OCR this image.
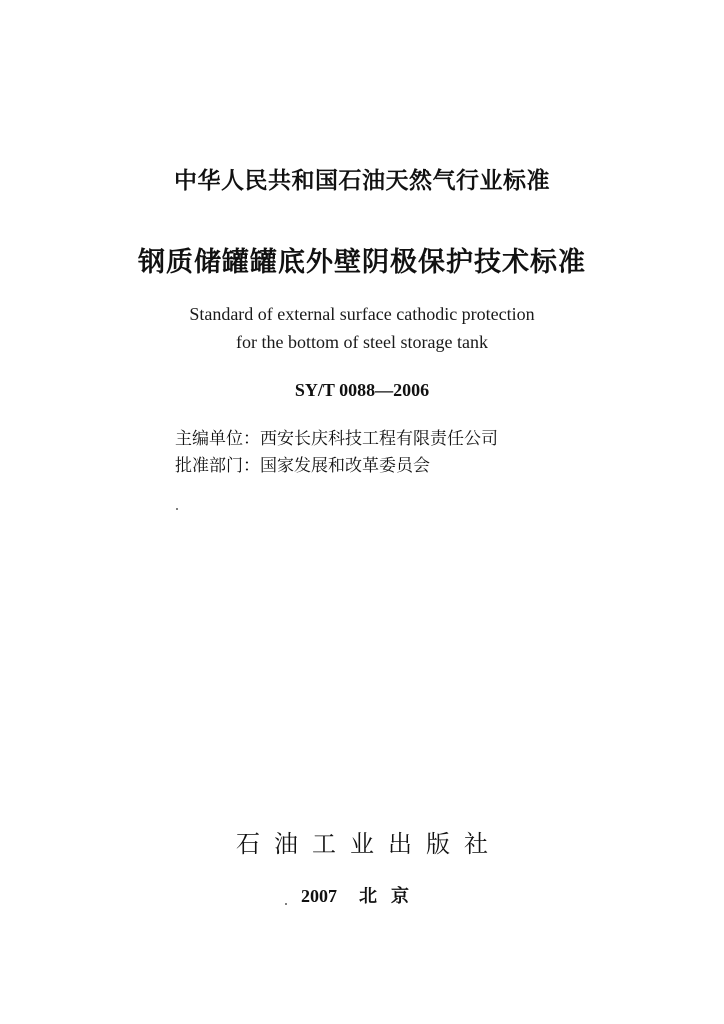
中华人民共和国石油天然气行业标准
钢质储罐罐底外壁阴极保护技术标准
Standard of external surface cathodic protection
for the bottom of steel storage tank
SY/T 0088—2006
主编单位：西安长庆科技工程有限责任公司
批准部门：国家发展和改革委员会
石油工业出版社
2007 北京
